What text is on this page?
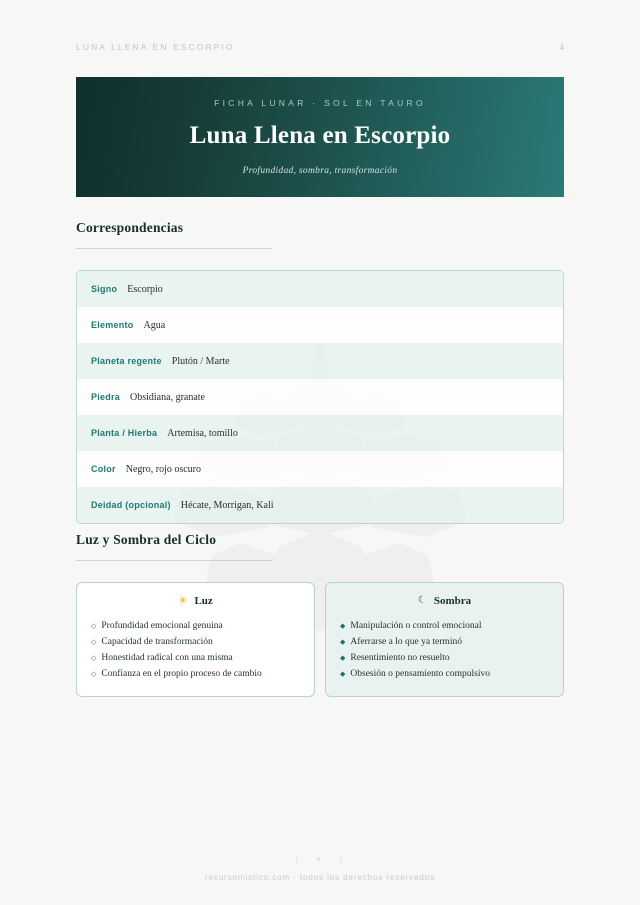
LUNA LLENA EN ESCORPIO	4
FICHA LUNAR · SOL EN TAURO
Luna Llena en Escorpio
Profundidad, sombra, transformación
Correspondencias
Signo Escorpio
Elemento Agua
Planeta regente Plutón / Marte
Piedra Obsidiana, granate
Planta / Hierba Artemisa, tomillo
Color Negro, rojo oscuro
Deidad (opcional) Hécate, Morrigan, Kali
Luz y Sombra del Ciclo
✳ Luz
◇ Profundidad emocional genuina
◇ Capacidad de transformación
◇ Honestidad radical con una misma
◇ Confianza en el propio proceso de cambio
☾ Sombra
◆ Manipulación o control emocional
◆ Aferrarse a lo que ya terminó
◆ Resentimiento no resuelto
◆ Obsesión o pensamiento compulsivo
( · ✦ · )
recursomistico.com · todos los derechos reservados
